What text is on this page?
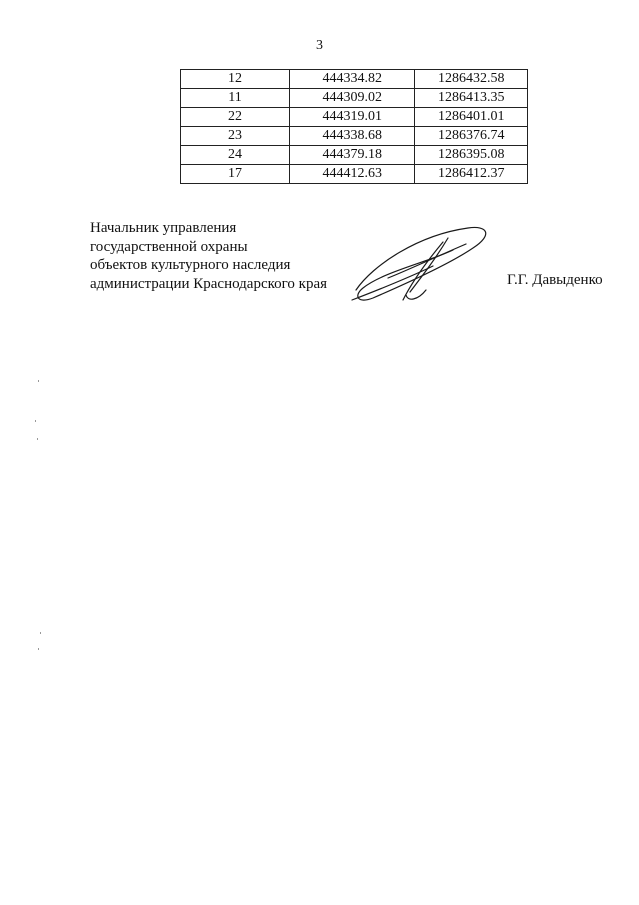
3
12	444334.82	1286432.58
11	444309.02	1286413.35
22	444319.01	1286401.01
23	444338.68	1286376.74
24	444379.18	1286395.08
17	444412.63	1286412.37
Начальник управления
государственной охраны
объектов культурного наследия
администрации Краснодарского края	Г.Г. Давыденко
